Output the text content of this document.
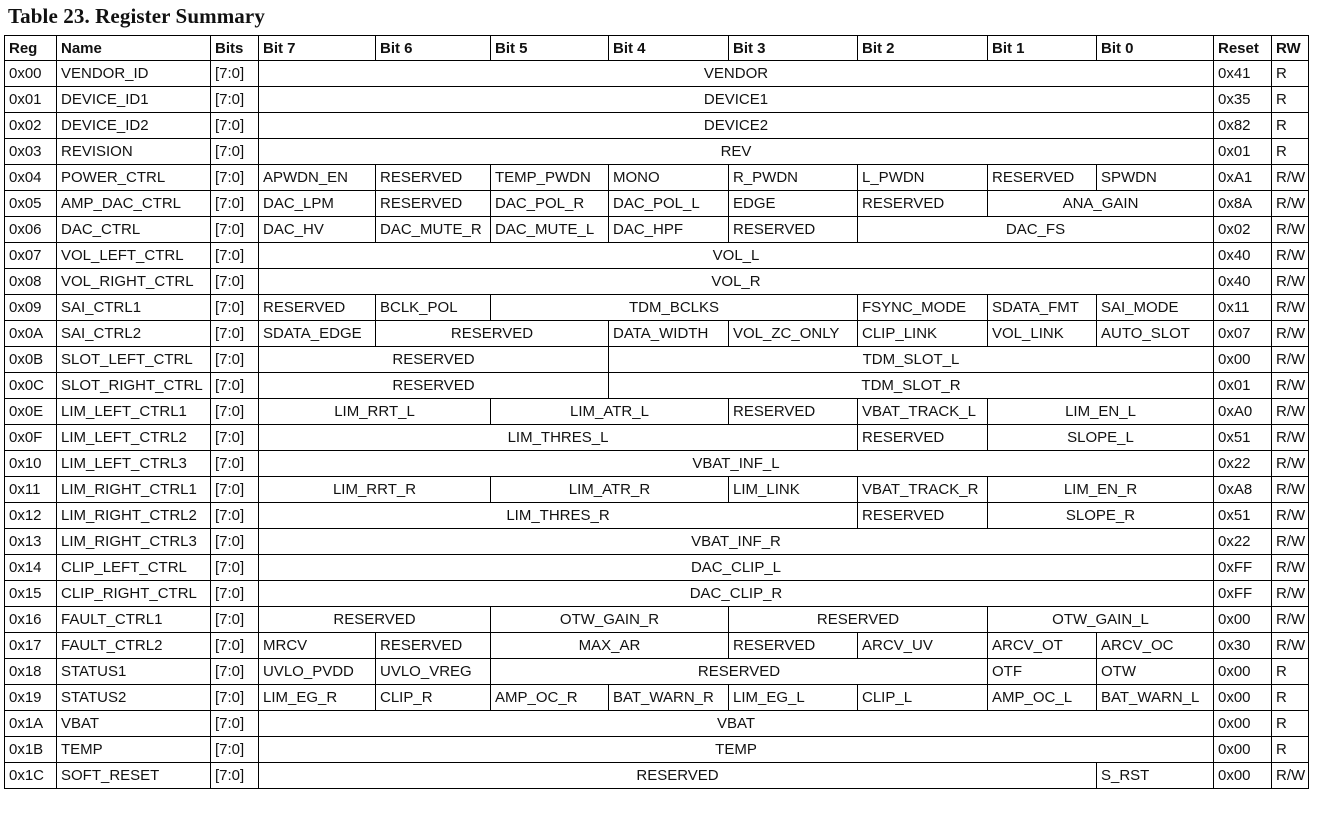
Table 23. Register Summary
Reg	Name	Bits	Bit 7	Bit 6	Bit 5	Bit 4	Bit 3	Bit 2	Bit 1	Bit 0	Reset	RW
0x00	VENDOR_ID	[7:0]	VENDOR								0x41	R
0x01	DEVICE_ID1	[7:0]	DEVICE1								0x35	R
0x02	DEVICE_ID2	[7:0]	DEVICE2								0x82	R
0x03	REVISION	[7:0]	REV								0x01	R
0x04	POWER_CTRL	[7:0]	APWDN_EN	RESERVED	TEMP_PWDN	MONO	R_PWDN	L_PWDN	RESERVED	SPWDN	0xA1	R/W
0x05	AMP_DAC_CTRL	[7:0]	DAC_LPM	RESERVED	DAC_POL_R	DAC_POL_L	EDGE	RESERVED	ANA_GAIN		0x8A	R/W
0x06	DAC_CTRL	[7:0]	DAC_HV	DAC_MUTE_R	DAC_MUTE_L	DAC_HPF	RESERVED	DAC_FS			0x02	R/W
0x07	VOL_LEFT_CTRL	[7:0]	VOL_L								0x40	R/W
0x08	VOL_RIGHT_CTRL	[7:0]	VOL_R								0x40	R/W
0x09	SAI_CTRL1	[7:0]	RESERVED	BCLK_POL	TDM_BCLKS			FSYNC_MODE	SDATA_FMT	SAI_MODE	0x11	R/W
0x0A	SAI_CTRL2	[7:0]	SDATA_EDGE	RESERVED		DATA_WIDTH	VOL_ZC_ONLY	CLIP_LINK	VOL_LINK	AUTO_SLOT	0x07	R/W
0x0B	SLOT_LEFT_CTRL	[7:0]	RESERVED			TDM_SLOT_L					0x00	R/W
0x0C	SLOT_RIGHT_CTRL	[7:0]	RESERVED			TDM_SLOT_R					0x01	R/W
0x0E	LIM_LEFT_CTRL1	[7:0]	LIM_RRT_L		LIM_ATR_L		RESERVED	VBAT_TRACK_L	LIM_EN_L		0xA0	R/W
0x0F	LIM_LEFT_CTRL2	[7:0]	LIM_THRES_L					RESERVED	SLOPE_L		0x51	R/W
0x10	LIM_LEFT_CTRL3	[7:0]	VBAT_INF_L								0x22	R/W
0x11	LIM_RIGHT_CTRL1	[7:0]	LIM_RRT_R		LIM_ATR_R		LIM_LINK	VBAT_TRACK_R	LIM_EN_R		0xA8	R/W
0x12	LIM_RIGHT_CTRL2	[7:0]	LIM_THRES_R					RESERVED	SLOPE_R		0x51	R/W
0x13	LIM_RIGHT_CTRL3	[7:0]	VBAT_INF_R								0x22	R/W
0x14	CLIP_LEFT_CTRL	[7:0]	DAC_CLIP_L								0xFF	R/W
0x15	CLIP_RIGHT_CTRL	[7:0]	DAC_CLIP_R								0xFF	R/W
0x16	FAULT_CTRL1	[7:0]	RESERVED		OTW_GAIN_R		RESERVED		OTW_GAIN_L		0x00	R/W
0x17	FAULT_CTRL2	[7:0]	MRCV	RESERVED	MAX_AR		RESERVED	ARCV_UV	ARCV_OT	ARCV_OC	0x30	R/W
0x18	STATUS1	[7:0]	UVLO_PVDD	UVLO_VREG	RESERVED				OTF	OTW	0x00	R
0x19	STATUS2	[7:0]	LIM_EG_R	CLIP_R	AMP_OC_R	BAT_WARN_R	LIM_EG_L	CLIP_L	AMP_OC_L	BAT_WARN_L	0x00	R
0x1A	VBAT	[7:0]	VBAT								0x00	R
0x1B	TEMP	[7:0]	TEMP								0x00	R
0x1C	SOFT_RESET	[7:0]	RESERVED							S_RST	0x00	R/W
